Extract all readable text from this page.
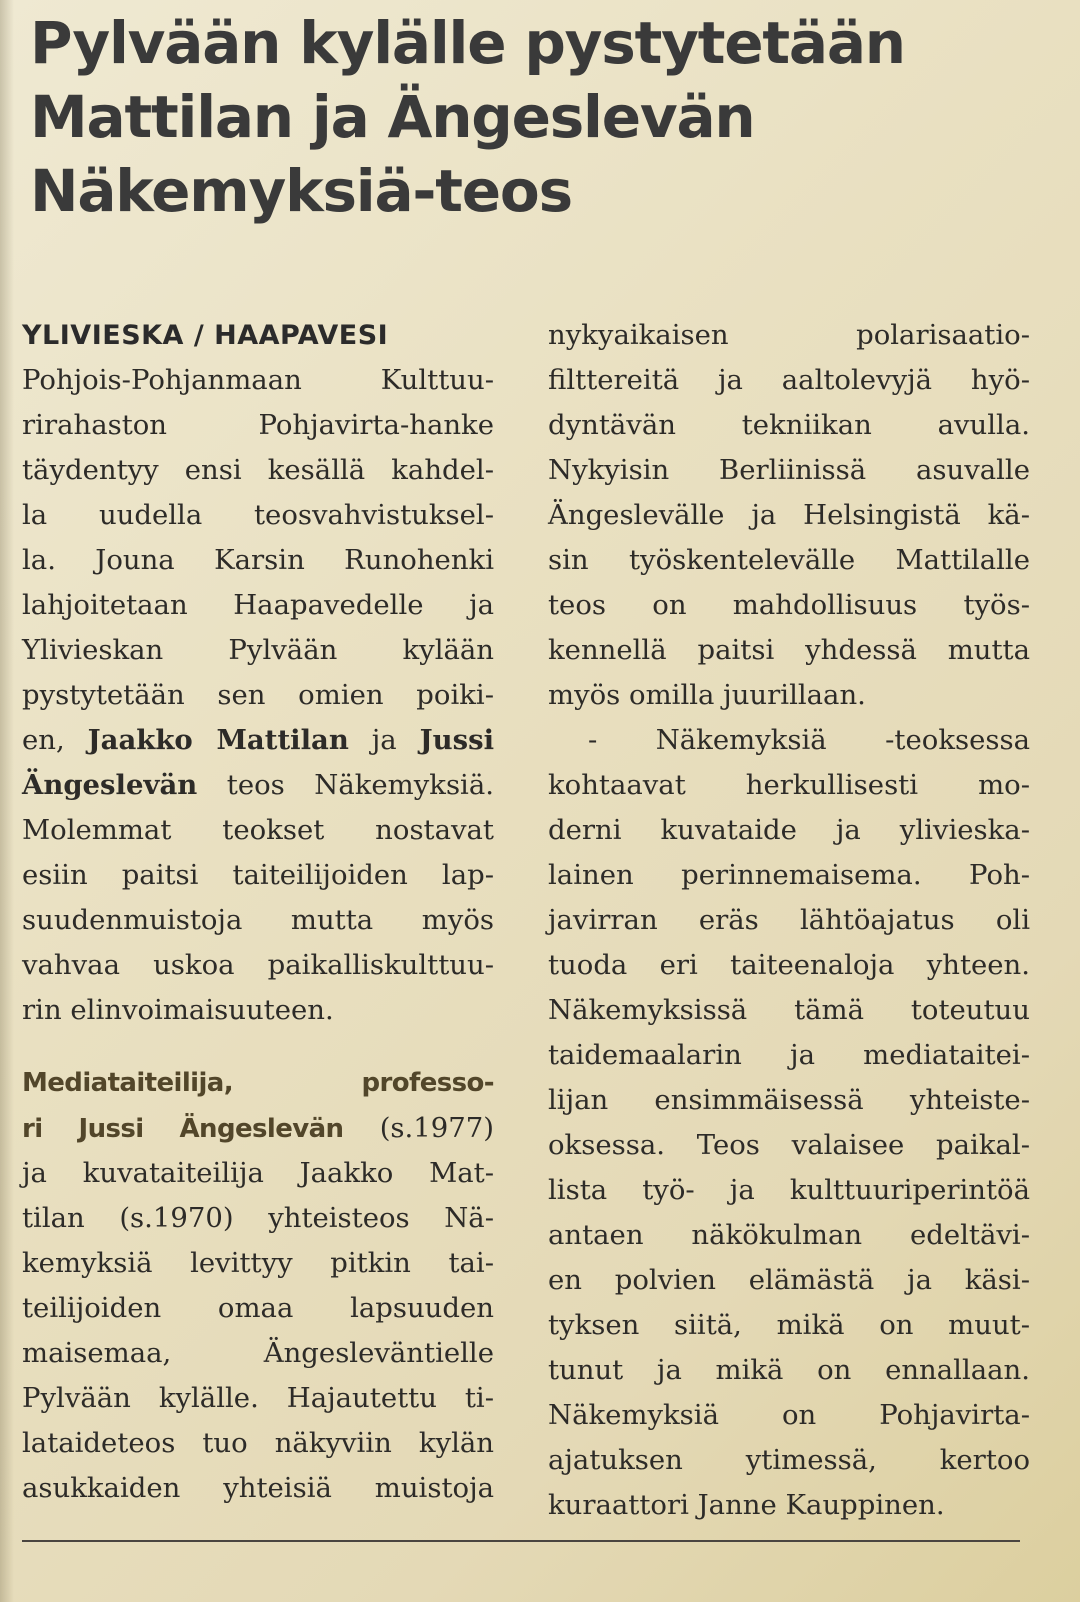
Pylvään kylälle pystytetään
Mattilan ja Ängeslevän
Näkemyksiä-teos
YLIVIESKA / HAAPAVESI
Pohjois-Pohjanmaan Kulttuu-
rirahaston Pohjavirta-hanke
täydentyy ensi kesällä kahdel-
la uudella teosvahvistuksel-
la. Jouna Karsin Runohenki
lahjoitetaan Haapavedelle ja
Ylivieskan Pylvään kylään
pystytetään sen omien poiki-
en, Jaakko Mattilan ja Jussi
Ängeslevän teos Näkemyksiä.
Molemmat teokset nostavat
esiin paitsi taiteilijoiden lap-
suudenmuistoja mutta myös
vahvaa uskoa paikalliskulttuu-
rin elinvoimaisuuteen.
Mediataiteilija, professo-
ri Jussi Ängeslevän (s.1977)
ja kuvataiteilija Jaakko Mat-
tilan (s.1970) yhteisteos Nä-
kemyksiä levittyy pitkin tai-
teilijoiden omaa lapsuuden
maisemaa, Ängesleväntielle
Pylvään kylälle. Hajautettu ti-
lataideteos tuo näkyviin kylän
asukkaiden yhteisiä muistoja
nykyaikaisen polarisaatio-
filttereitä ja aaltolevyjä hyö-
dyntävän tekniikan avulla.
Nykyisin Berliinissä asuvalle
Ängeslevälle ja Helsingistä kä-
sin työskentelevälle Mattilalle
teos on mahdollisuus työs-
kennellä paitsi yhdessä mutta
myös omilla juurillaan.
- Näkemyksiä -teoksessa
kohtaavat herkullisesti mo-
derni kuvataide ja ylivieska-
lainen perinnemaisema. Poh-
javirran eräs lähtöajatus oli
tuoda eri taiteenaloja yhteen.
Näkemyksissä tämä toteutuu
taidemaalarin ja mediataitei-
lijan ensimmäisessä yhteiste-
oksessa. Teos valaisee paikal-
lista työ- ja kulttuuriperintöä
antaen näkökulman edeltävi-
en polvien elämästä ja käsi-
tyksen siitä, mikä on muut-
tunut ja mikä on ennallaan.
Näkemyksiä on Pohjavirta-
ajatuksen ytimessä, kertoo
kuraattori Janne Kauppinen.
